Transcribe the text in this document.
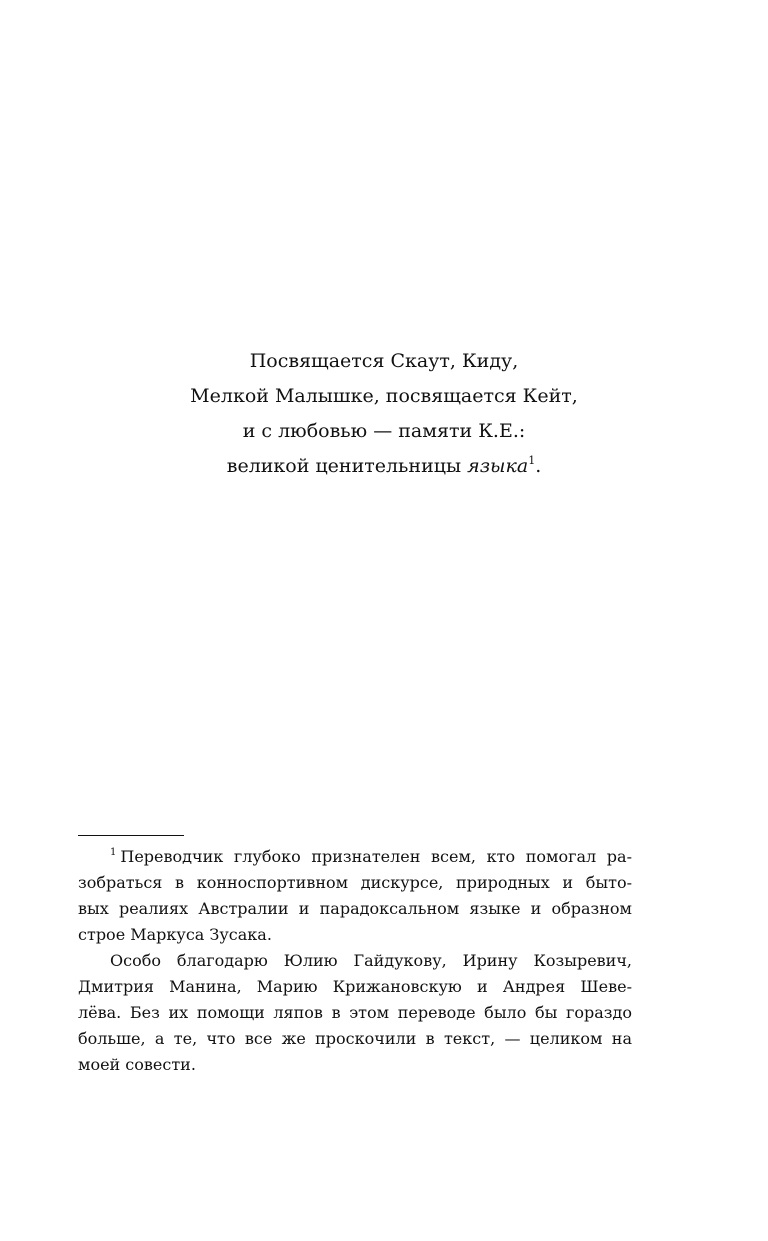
Посвящается Скаут, Киду,
Мелкой Малышке, посвящается Кейт,
и с любовью — памяти К.Е.:
великой ценительницы языка$^1$.
$^1$ Переводчик глубоко признателен всем, кто помогал ра-
зобраться в конноспортивном дискурсе, природных и быто-
вых реалиях Австралии и парадоксальном языке и образном
строе Маркуса Зусака.
Особо благодарю Юлию Гайдукову, Ирину Козыревич,
Дмитрия Манина, Марию Крижановскую и Андрея Шеве-
лёва. Без их помощи ляпов в этом переводе было бы гораздо
больше, а те, что все же проскочили в текст, — целиком на
моей совести.
